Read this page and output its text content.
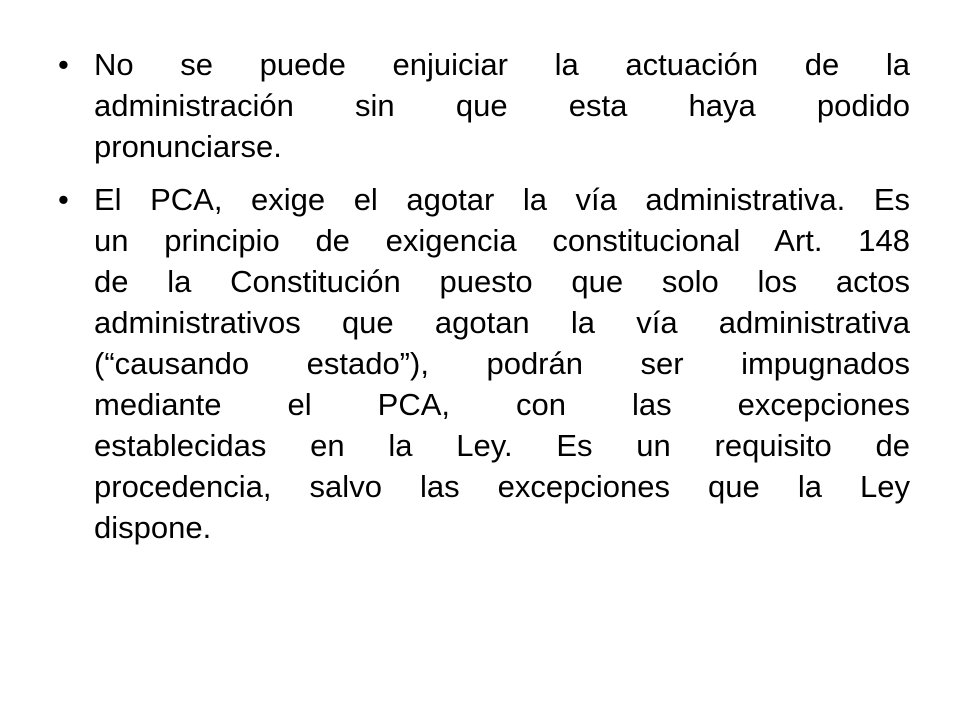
• No se puede enjuiciar la actuación de la
administración sin que esta haya podido
pronunciarse.
• El PCA, exige el agotar la vía administrativa. Es
un principio de exigencia constitucional Art. 148
de la Constitución puesto que solo los actos
administrativos que agotan la vía administrativa
(“causando estado”), podrán ser impugnados
mediante el PCA, con las excepciones
establecidas en la Ley. Es un requisito de
procedencia, salvo las excepciones que la Ley
dispone.
